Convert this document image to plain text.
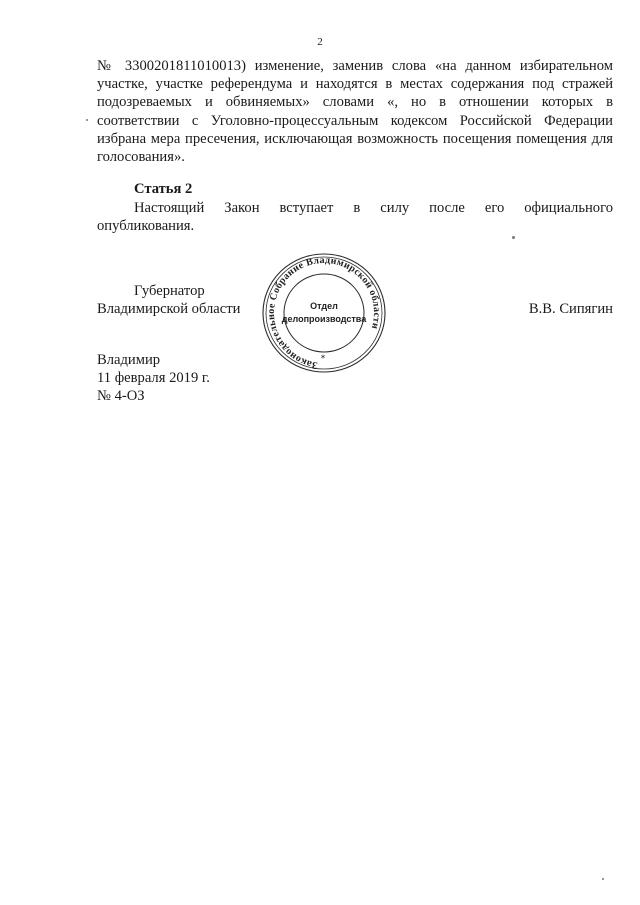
2

№ 3300201811010013) изменение, заменив слова «на данном избирательном участке, участке референдума и находятся в местах содержания под стражей подозреваемых и обвиняемых» словами «, но в отношении которых в соответствии с Уголовно-процессуальным кодексом Российской Федерации избрана мера пресечения, исключающая возможность посещения помещения для голосования».

Статья 2

Настоящий Закон вступает в силу после его официального
опубликования.

Губернатор
Владимирской области	В.В. Сипягин
Законодательное Собрание Владимирской области
*
Отдел
делопроизводства
Владимир
11 февраля 2019 г.
№ 4-ОЗ
